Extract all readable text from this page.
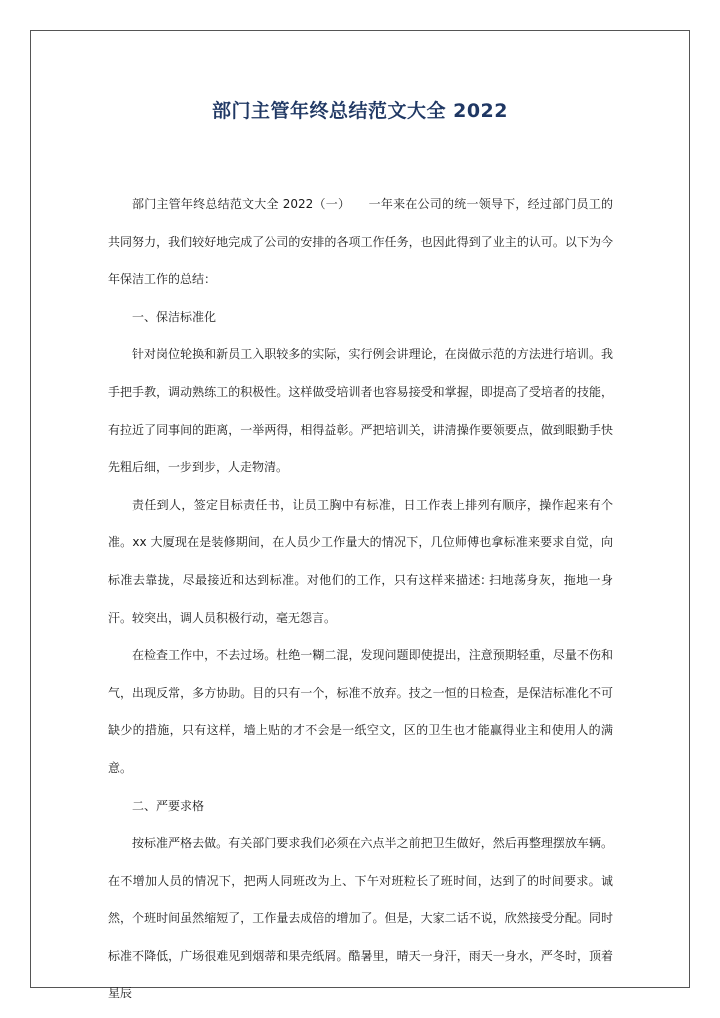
部门主管年终总结范文大全 2022

部门主管年终总结范文大全 2022（一）　　一年来在公司的统一领导下，经过部门员工的共同努力，我们较好地完成了公司的安排的各项工作任务，也因此得到了业主的认可。以下为今年保洁工作的总结：

一、保洁标准化

针对岗位轮换和新员工入职较多的实际，实行例会讲理论，在岗做示范的方法进行培训。我手把手教，调动熟练工的积极性。这样做受培训者也容易接受和掌握，即提高了受培者的技能，有拉近了同事间的距离，一举两得，相得益彰。严把培训关，讲清操作要领要点，做到眼勤手快先粗后细，一步到步，人走物清。

责任到人，签定目标责任书，让员工胸中有标准，日工作表上排列有顺序，操作起来有个准。xx 大厦现在是装修期间，在人员少工作量大的情况下，几位师傅也拿标准来要求自觉，向标准去靠拢，尽最接近和达到标准。对他们的工作，只有这样来描述: 扫地荡身灰，拖地一身汗。较突出，调人员积极行动，毫无怨言。

在检查工作中，不去过场。杜绝一糊二混，发现问题即使提出，注意预期轻重，尽量不伤和气，出现反常，多方协助。目的只有一个，标准不放弃。技之一恒的日检查，是保洁标准化不可缺少的措施，只有这样，墙上贴的才不会是一纸空文，区的卫生也才能赢得业主和使用人的满意。

二、严要求格

按标准严格去做。有关部门要求我们必须在六点半之前把卫生做好，然后再整理摆放车辆。在不增加人员的情况下，把两人同班改为上、下午对班粒长了班时间，达到了的时间要求。诚然，个班时间虽然缩短了，工作量去成倍的增加了。但是，大家二话不说，欣然接受分配。同时标准不降低，广场很难见到烟蒂和果壳纸屑。酷暑里，晴天一身汗，雨天一身水，严冬时，顶着星辰
